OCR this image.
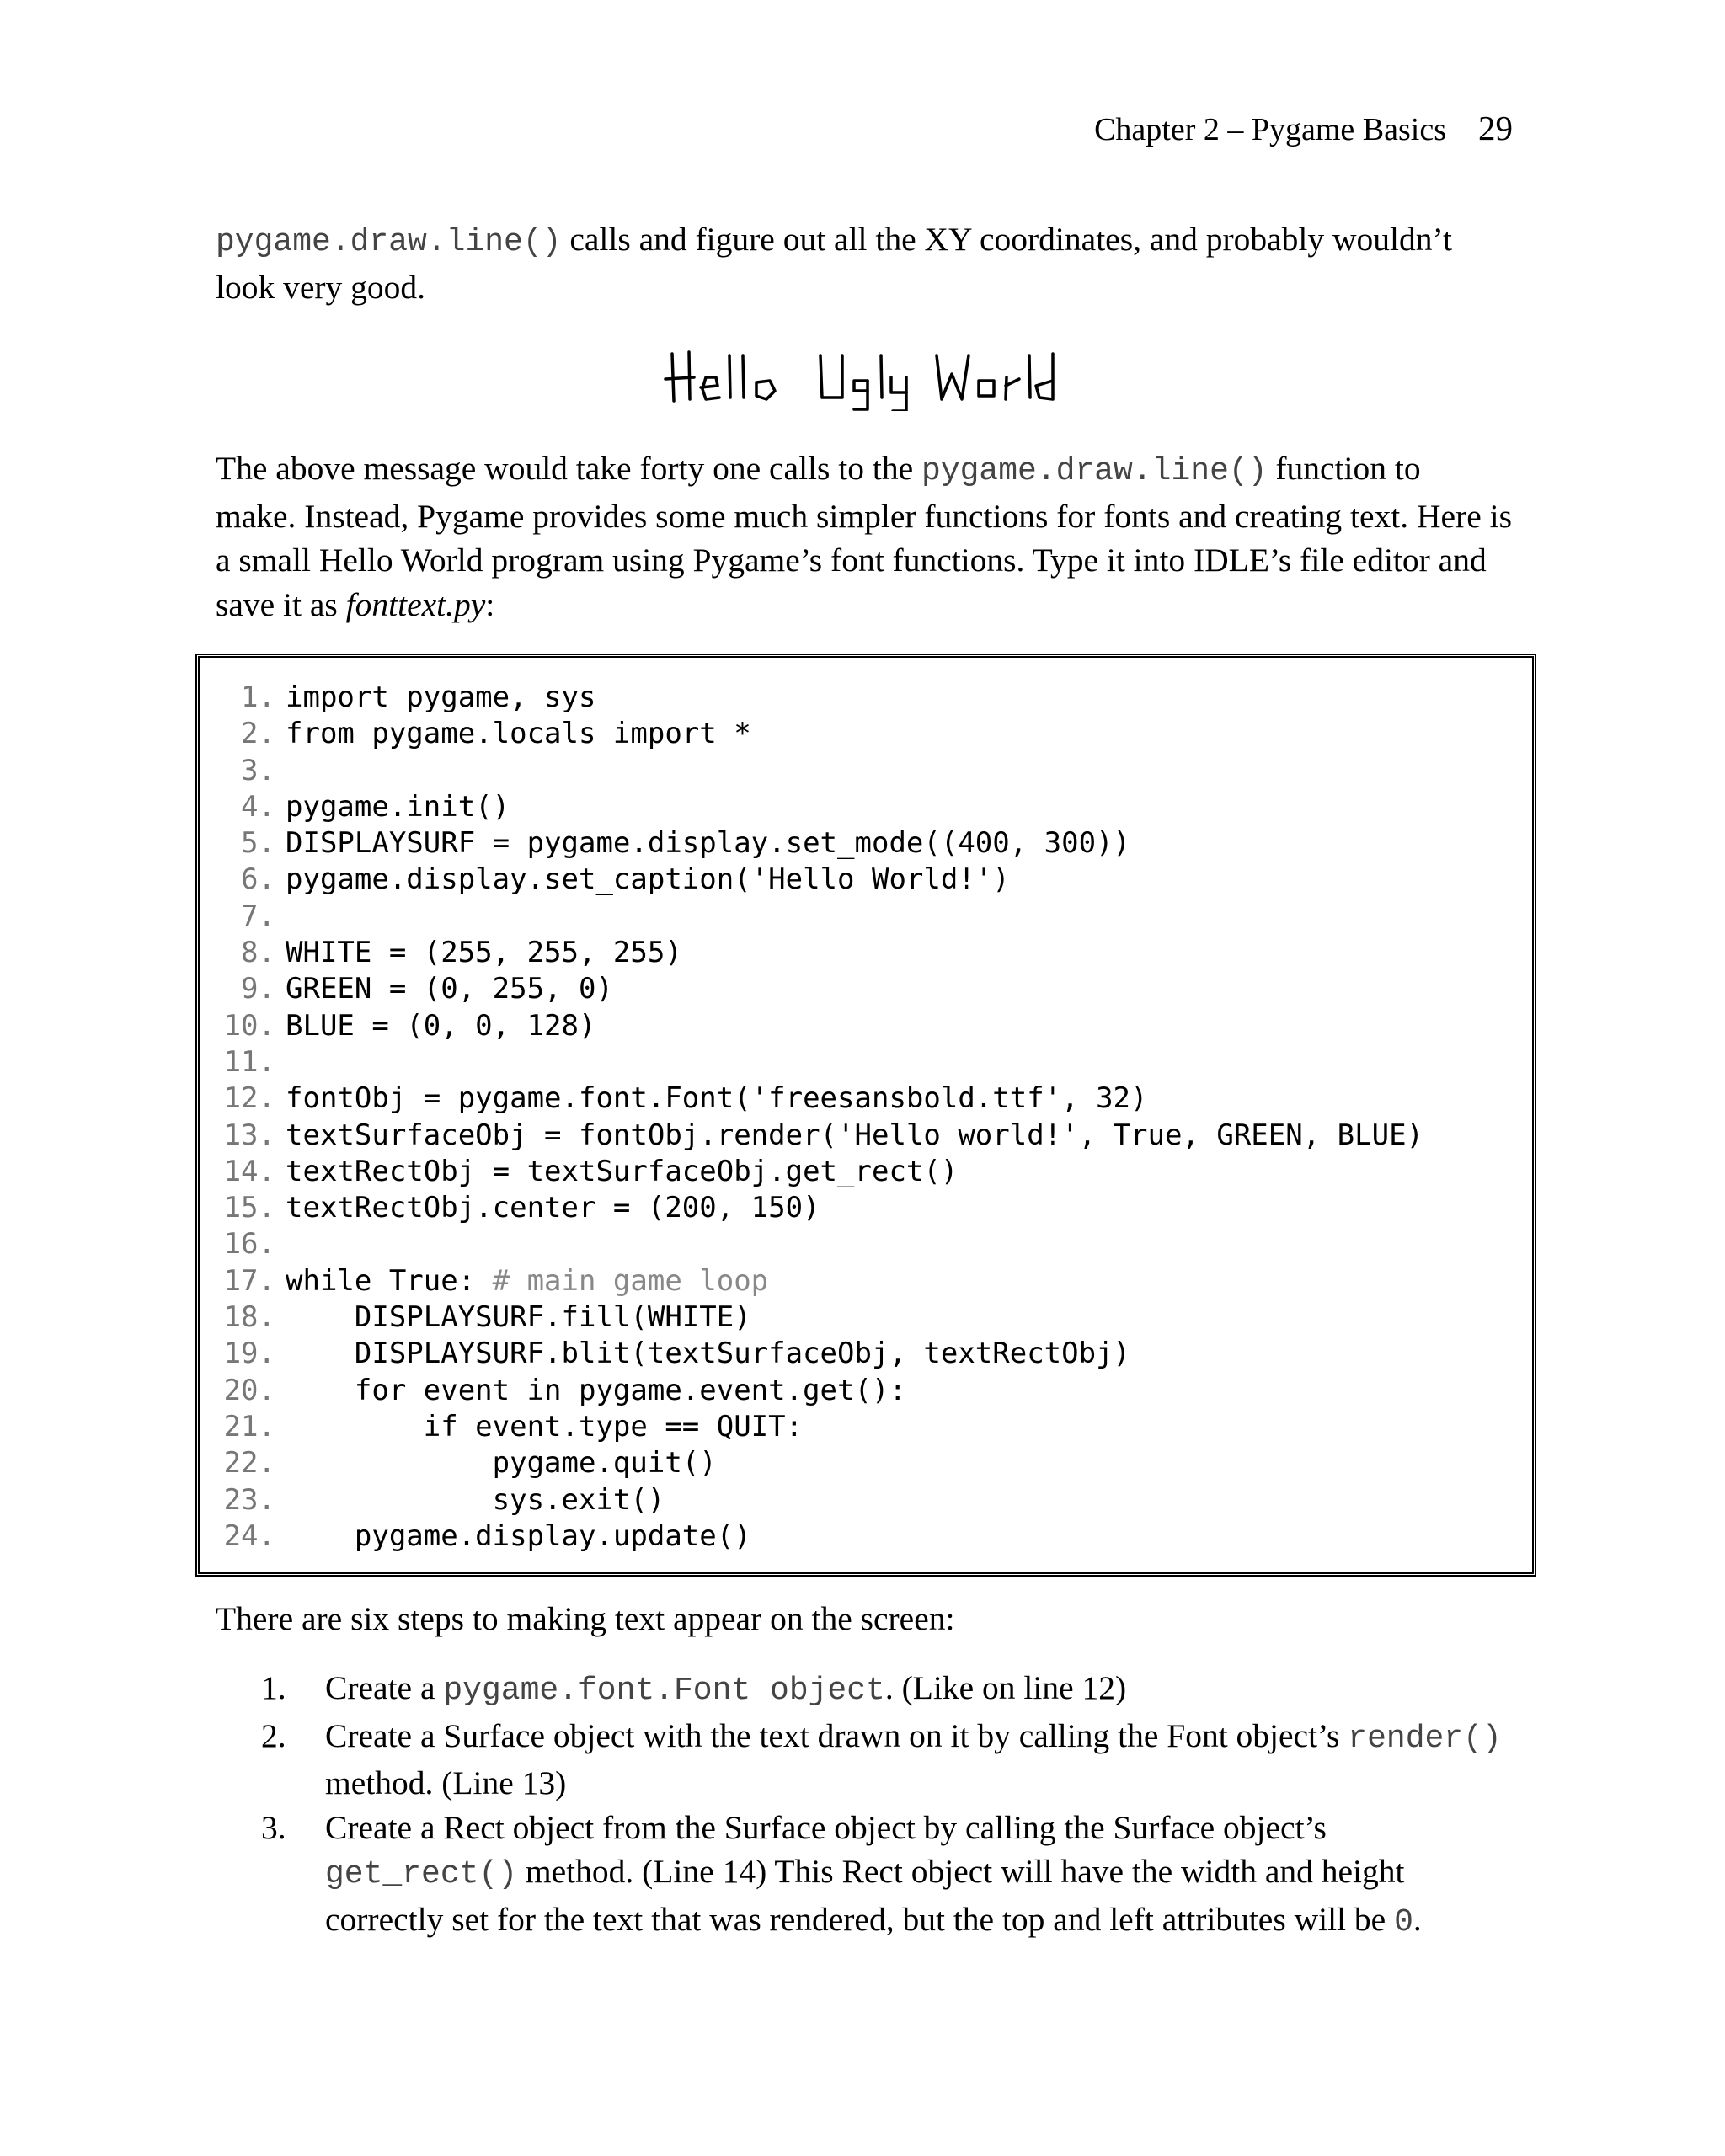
Chapter 2 – Pygame Basics 29
pygame.draw.line() calls and figure out all the XY coordinates, and probably wouldn’t
look very good.
The above message would take forty one calls to the pygame.draw.line() function to
make. Instead, Pygame provides some much simpler functions for fonts and creating text. Here is
a small Hello World program using Pygame’s font functions. Type it into IDLE’s file editor and
save it as fonttext.py:
1. import pygame, sys
2. from pygame.locals import *
3.
4. pygame.init()
5. DISPLAYSURF = pygame.display.set_mode((400, 300))
6. pygame.display.set_caption('Hello World!')
7.
8. WHITE = (255, 255, 255)
9. GREEN = (0, 255, 0)
10. BLUE = (0, 0, 128)
11.
12. fontObj = pygame.font.Font('freesansbold.ttf', 32)
13. textSurfaceObj = fontObj.render('Hello world!', True, GREEN, BLUE)
14. textRectObj = textSurfaceObj.get_rect()
15. textRectObj.center = (200, 150)
16.
17. while True: # main game loop
18.    DISPLAYSURF.fill(WHITE)
19.    DISPLAYSURF.blit(textSurfaceObj, textRectObj)
20.    for event in pygame.event.get():
21.        if event.type == QUIT:
22.            pygame.quit()
23.            sys.exit()
24.    pygame.display.update()
There are six steps to making text appear on the screen:
1. Create a pygame.font.Font object. (Like on line 12)
2. Create a Surface object with the text drawn on it by calling the Font object’s render()
method. (Line 13)
3. Create a Rect object from the Surface object by calling the Surface object’s
get_rect() method. (Line 14) This Rect object will have the width and height
correctly set for the text that was rendered, but the top and left attributes will be 0.
